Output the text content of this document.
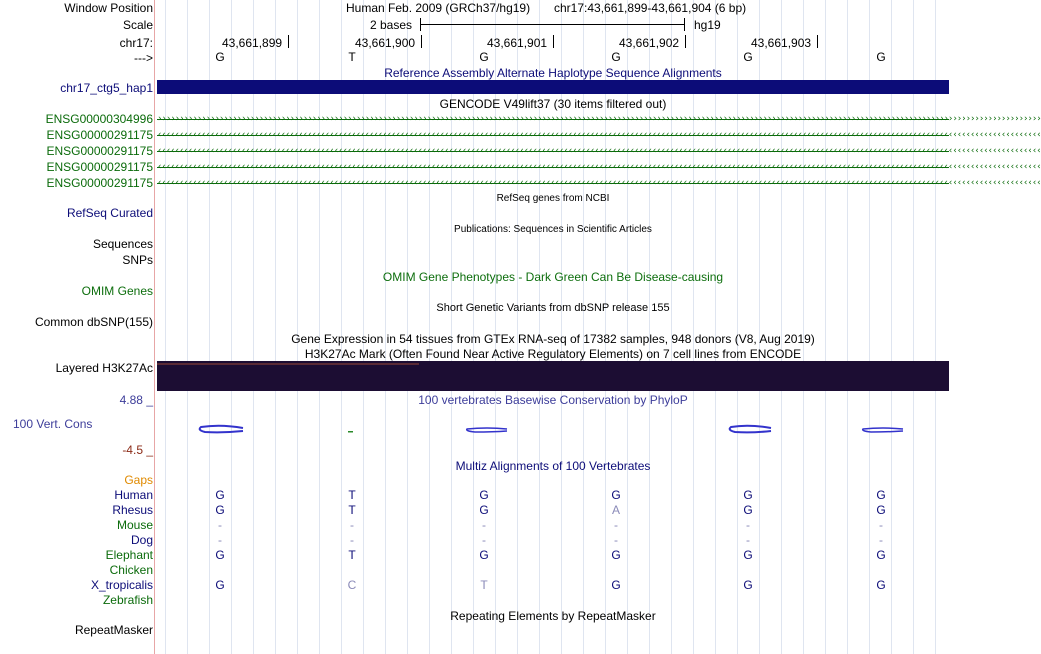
Window Position	Human Feb. 2009 (GRCh37/hg19) chr17:43,661,899-43,661,904 (6 bp)
Scale	2 bases	hg19
chr17:	43,661,899	43,661,900	43,661,901	43,661,902	43,661,903
--->	G	T	G	G	G	G
Reference Assembly Alternate Haplotype Sequence Alignments
chr17_ctg5_hap1
GENCODE V49lift37 (30 items filtered out)
ENSG00000304996 ››››››››››››››››››››››››››››››››››››››››››››››››››››››››››››››››››››››››››››››››››››››››››››››››››››››››››››››››››››››››››››››››››››››››››››››››››››››››››››››››››››››››››››››››››››››››››››››››››››››››
ENSG00000291175 ‹‹‹‹‹‹‹‹‹‹‹‹‹‹‹‹‹‹‹‹‹‹‹‹‹‹‹‹‹‹‹‹‹‹‹‹‹‹‹‹‹‹‹‹‹‹‹‹‹‹‹‹‹‹‹‹‹‹‹‹‹‹‹‹‹‹‹‹‹‹‹‹‹‹‹‹‹‹‹‹‹‹‹‹‹‹‹‹‹‹‹‹‹‹‹‹‹‹‹‹‹‹‹‹‹‹‹‹‹‹‹‹‹‹‹‹‹‹‹‹‹‹‹‹‹‹‹‹‹‹‹‹‹‹‹‹‹‹‹‹‹‹‹‹‹‹‹‹‹‹‹‹‹‹‹‹‹‹‹‹‹‹‹‹‹‹‹‹‹‹‹‹‹‹‹‹‹‹‹‹‹‹‹‹‹‹‹‹‹‹‹‹‹‹‹‹‹‹‹‹
ENSG00000291175 ‹‹‹‹‹‹‹‹‹‹‹‹‹‹‹‹‹‹‹‹‹‹‹‹‹‹‹‹‹‹‹‹‹‹‹‹‹‹‹‹‹‹‹‹‹‹‹‹‹‹‹‹‹‹‹‹‹‹‹‹‹‹‹‹‹‹‹‹‹‹‹‹‹‹‹‹‹‹‹‹‹‹‹‹‹‹‹‹‹‹‹‹‹‹‹‹‹‹‹‹‹‹‹‹‹‹‹‹‹‹‹‹‹‹‹‹‹‹‹‹‹‹‹‹‹‹‹‹‹‹‹‹‹‹‹‹‹‹‹‹‹‹‹‹‹‹‹‹‹‹‹‹‹‹‹‹‹‹‹‹‹‹‹‹‹‹‹‹‹‹‹‹‹‹‹‹‹‹‹‹‹‹‹‹‹‹‹‹‹‹‹‹‹‹‹‹‹‹‹‹
ENSG00000291175 ‹‹‹‹‹‹‹‹‹‹‹‹‹‹‹‹‹‹‹‹‹‹‹‹‹‹‹‹‹‹‹‹‹‹‹‹‹‹‹‹‹‹‹‹‹‹‹‹‹‹‹‹‹‹‹‹‹‹‹‹‹‹‹‹‹‹‹‹‹‹‹‹‹‹‹‹‹‹‹‹‹‹‹‹‹‹‹‹‹‹‹‹‹‹‹‹‹‹‹‹‹‹‹‹‹‹‹‹‹‹‹‹‹‹‹‹‹‹‹‹‹‹‹‹‹‹‹‹‹‹‹‹‹‹‹‹‹‹‹‹‹‹‹‹‹‹‹‹‹‹‹‹‹‹‹‹‹‹‹‹‹‹‹‹‹‹‹‹‹‹‹‹‹‹‹‹‹‹‹‹‹‹‹‹‹‹‹‹‹‹‹‹‹‹‹‹‹‹‹‹
ENSG00000291175 ‹‹‹‹‹‹‹‹‹‹‹‹‹‹‹‹‹‹‹‹‹‹‹‹‹‹‹‹‹‹‹‹‹‹‹‹‹‹‹‹‹‹‹‹‹‹‹‹‹‹‹‹‹‹‹‹‹‹‹‹‹‹‹‹‹‹‹‹‹‹‹‹‹‹‹‹‹‹‹‹‹‹‹‹‹‹‹‹‹‹‹‹‹‹‹‹‹‹‹‹‹‹‹‹‹‹‹‹‹‹‹‹‹‹‹‹‹‹‹‹‹‹‹‹‹‹‹‹‹‹‹‹‹‹‹‹‹‹‹‹‹‹‹‹‹‹‹‹‹‹‹‹‹‹‹‹‹‹‹‹‹‹‹‹‹‹‹‹‹‹‹‹‹‹‹‹‹‹‹‹‹‹‹‹‹‹‹‹‹‹‹‹‹‹‹‹‹‹‹‹
RefSeq genes from NCBI
RefSeq Curated
Publications: Sequences in Scientific Articles
Sequences
SNPs
OMIM Gene Phenotypes - Dark Green Can Be Disease-causing
OMIM Genes
Short Genetic Variants from dbSNP release 155
Common dbSNP(155)
Gene Expression in 54 tissues from GTEx RNA-seq of 17382 samples, 948 donors (V8, Aug 2019)
H3K27Ac Mark (Often Found Near Active Regulatory Elements) on 7 cell lines from ENCODE
Layered H3K27Ac
4.88 _	100 vertebrates Basewise Conservation by PhyloP
100 Vert. Cons
-4.5 _
Multiz Alignments of 100 Vertebrates
Gaps
Human	G	T	G	G	G	G
Rhesus	G	T	G	A	G	G
Mouse	-	-	-	-	-	-
Dog	-	-	-	-	-	-
Elephant	G	T	G	G	G	G
Chicken
X_tropicalis	G	C	T	G	G	G
Zebrafish
Repeating Elements by RepeatMasker
RepeatMasker
